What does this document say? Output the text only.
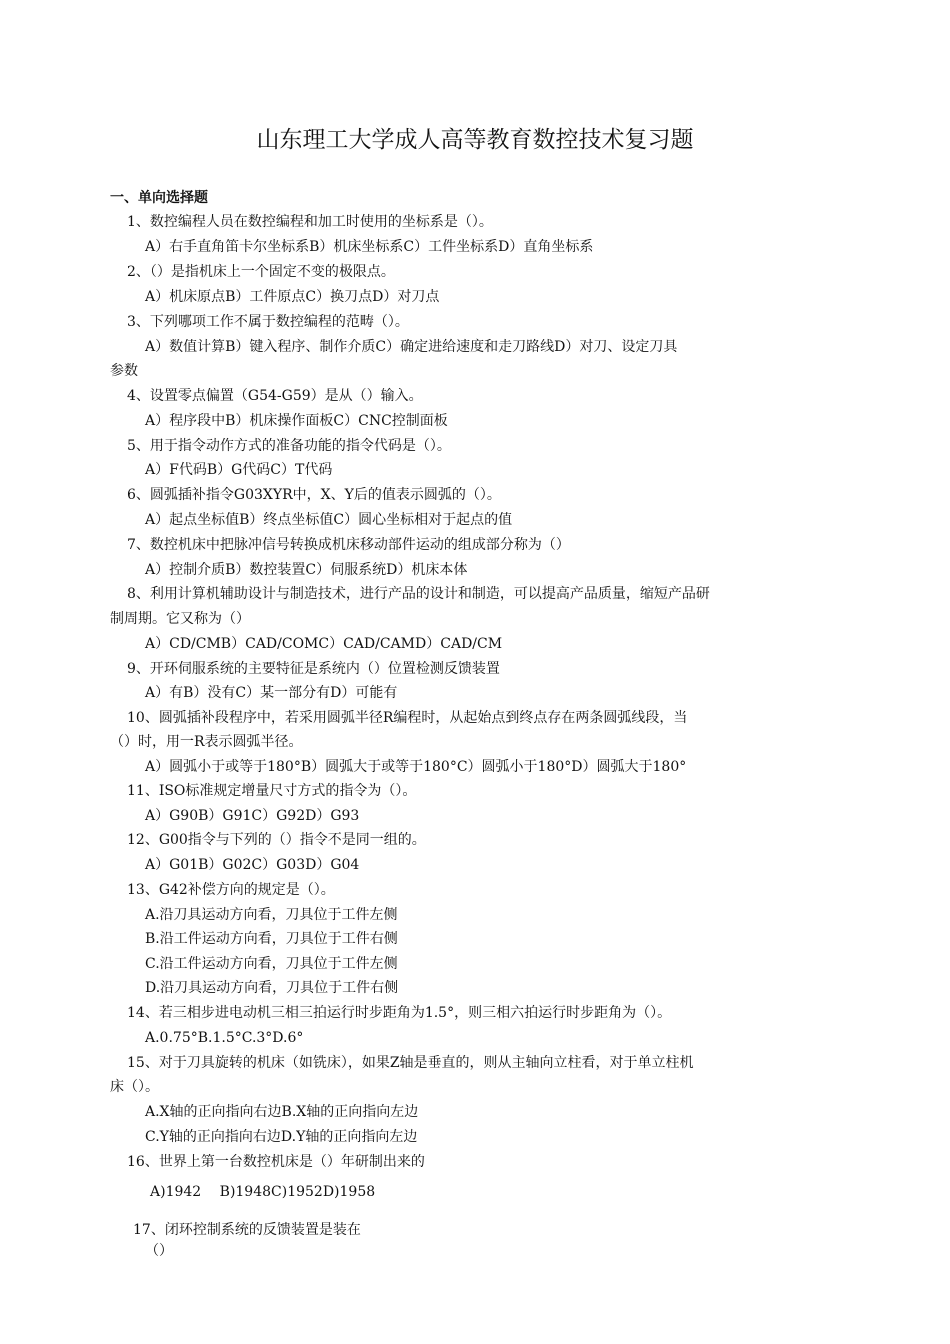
山东理工大学成人高等教育数控技术复习题
一、单向选择题
1、数控编程人员在数控编程和加工时使用的坐标系是（）。
A）右手直角笛卡尔坐标系B）机床坐标系C）工件坐标系D）直角坐标系
2、（）是指机床上一个固定不变的极限点。
A）机床原点B）工件原点C）换刀点D）对刀点
3、下列哪项工作不属于数控编程的范畴（）。
A）数值计算B）键入程序、制作介质C）确定进给速度和走刀路线D）对刀、设定刀具
参数
4、设置零点偏置（G54-G59）是从（）输入。
A）程序段中B）机床操作面板C）CNC控制面板
5、用于指令动作方式的准备功能的指令代码是（）。
A）F代码B）G代码C）T代码
6、圆弧插补指令G03XYR中，X、Y后的值表示圆弧的（）。
A）起点坐标值B）终点坐标值C）圆心坐标相对于起点的值
7、数控机床中把脉冲信号转换成机床移动部件运动的组成部分称为（）
A）控制介质B）数控装置C）伺服系统D）机床本体
8、利用计算机辅助设计与制造技术，进行产品的设计和制造，可以提高产品质量，缩短产品研
制周期。它又称为（）
A）CD/CMB）CAD/COMC）CAD/CAMD）CAD/CM
9、开环伺服系统的主要特征是系统内（）位置检测反馈装置
A）有B）没有C）某一部分有D）可能有
10、圆弧插补段程序中，若采用圆弧半径R编程时，从起始点到终点存在两条圆弧线段，当
（）时，用一R表示圆弧半径。
A）圆弧小于或等于180°B）圆弧大于或等于180°C）圆弧小于180°D）圆弧大于180°
11、ISO标准规定增量尺寸方式的指令为（）。
A）G90B）G91C）G92D）G93
12、G00指令与下列的（）指令不是同一组的。
A）G01B）G02C）G03D）G04
13、G42补偿方向的规定是（）。
A.沿刀具运动方向看，刀具位于工件左侧
B.沿工件运动方向看，刀具位于工件右侧
C.沿工件运动方向看，刀具位于工件左侧
D.沿刀具运动方向看，刀具位于工件右侧
14、若三相步进电动机三相三拍运行时步距角为1.5°，则三相六拍运行时步距角为（）。
A.0.75°B.1.5°C.3°D.6°
15、对于刀具旋转的机床（如铣床），如果Z轴是垂直的，则从主轴向立柱看，对于单立柱机
床（）。
A.X轴的正向指向右边B.X轴的正向指向左边
C.Y轴的正向指向右边D.Y轴的正向指向左边
16、世界上第一台数控机床是（）年研制出来的
A)1942　 B)1948C)1952D)1958
17、闭环控制系统的反馈装置是装在
（）
